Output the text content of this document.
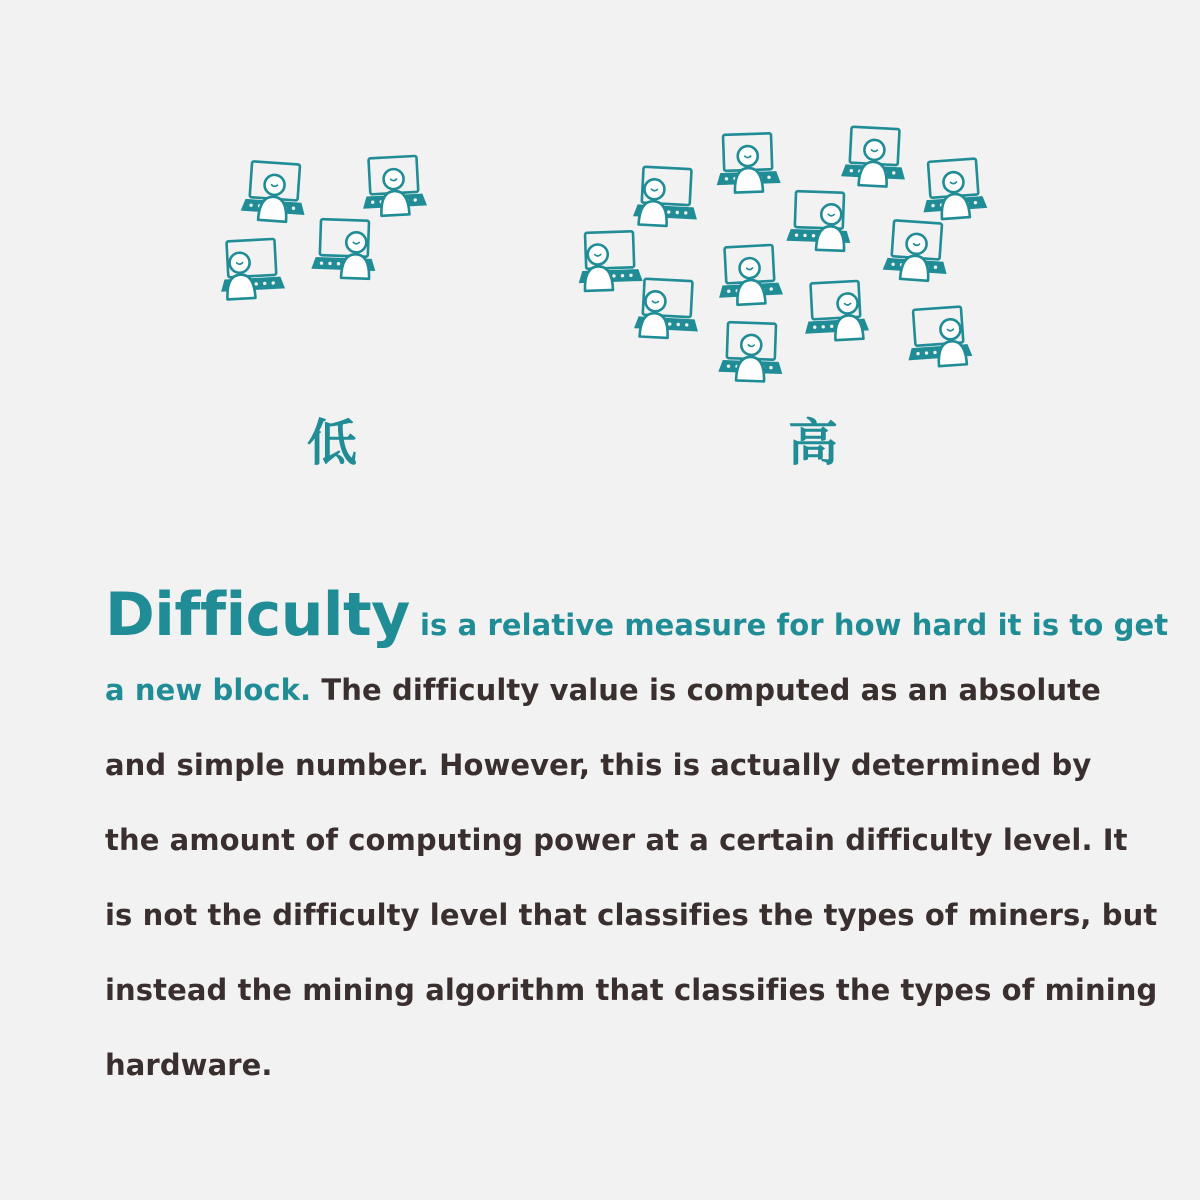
低	高
Difficulty is a relative measure for how hard it is to get
a new block. The difficulty value is computed as an absolute
and simple number. However, this is actually determined by
the amount of computing power at a certain difficulty level. It
is not the difficulty level that classifies the types of miners, but
instead the mining algorithm that classifies the types of mining
hardware.
